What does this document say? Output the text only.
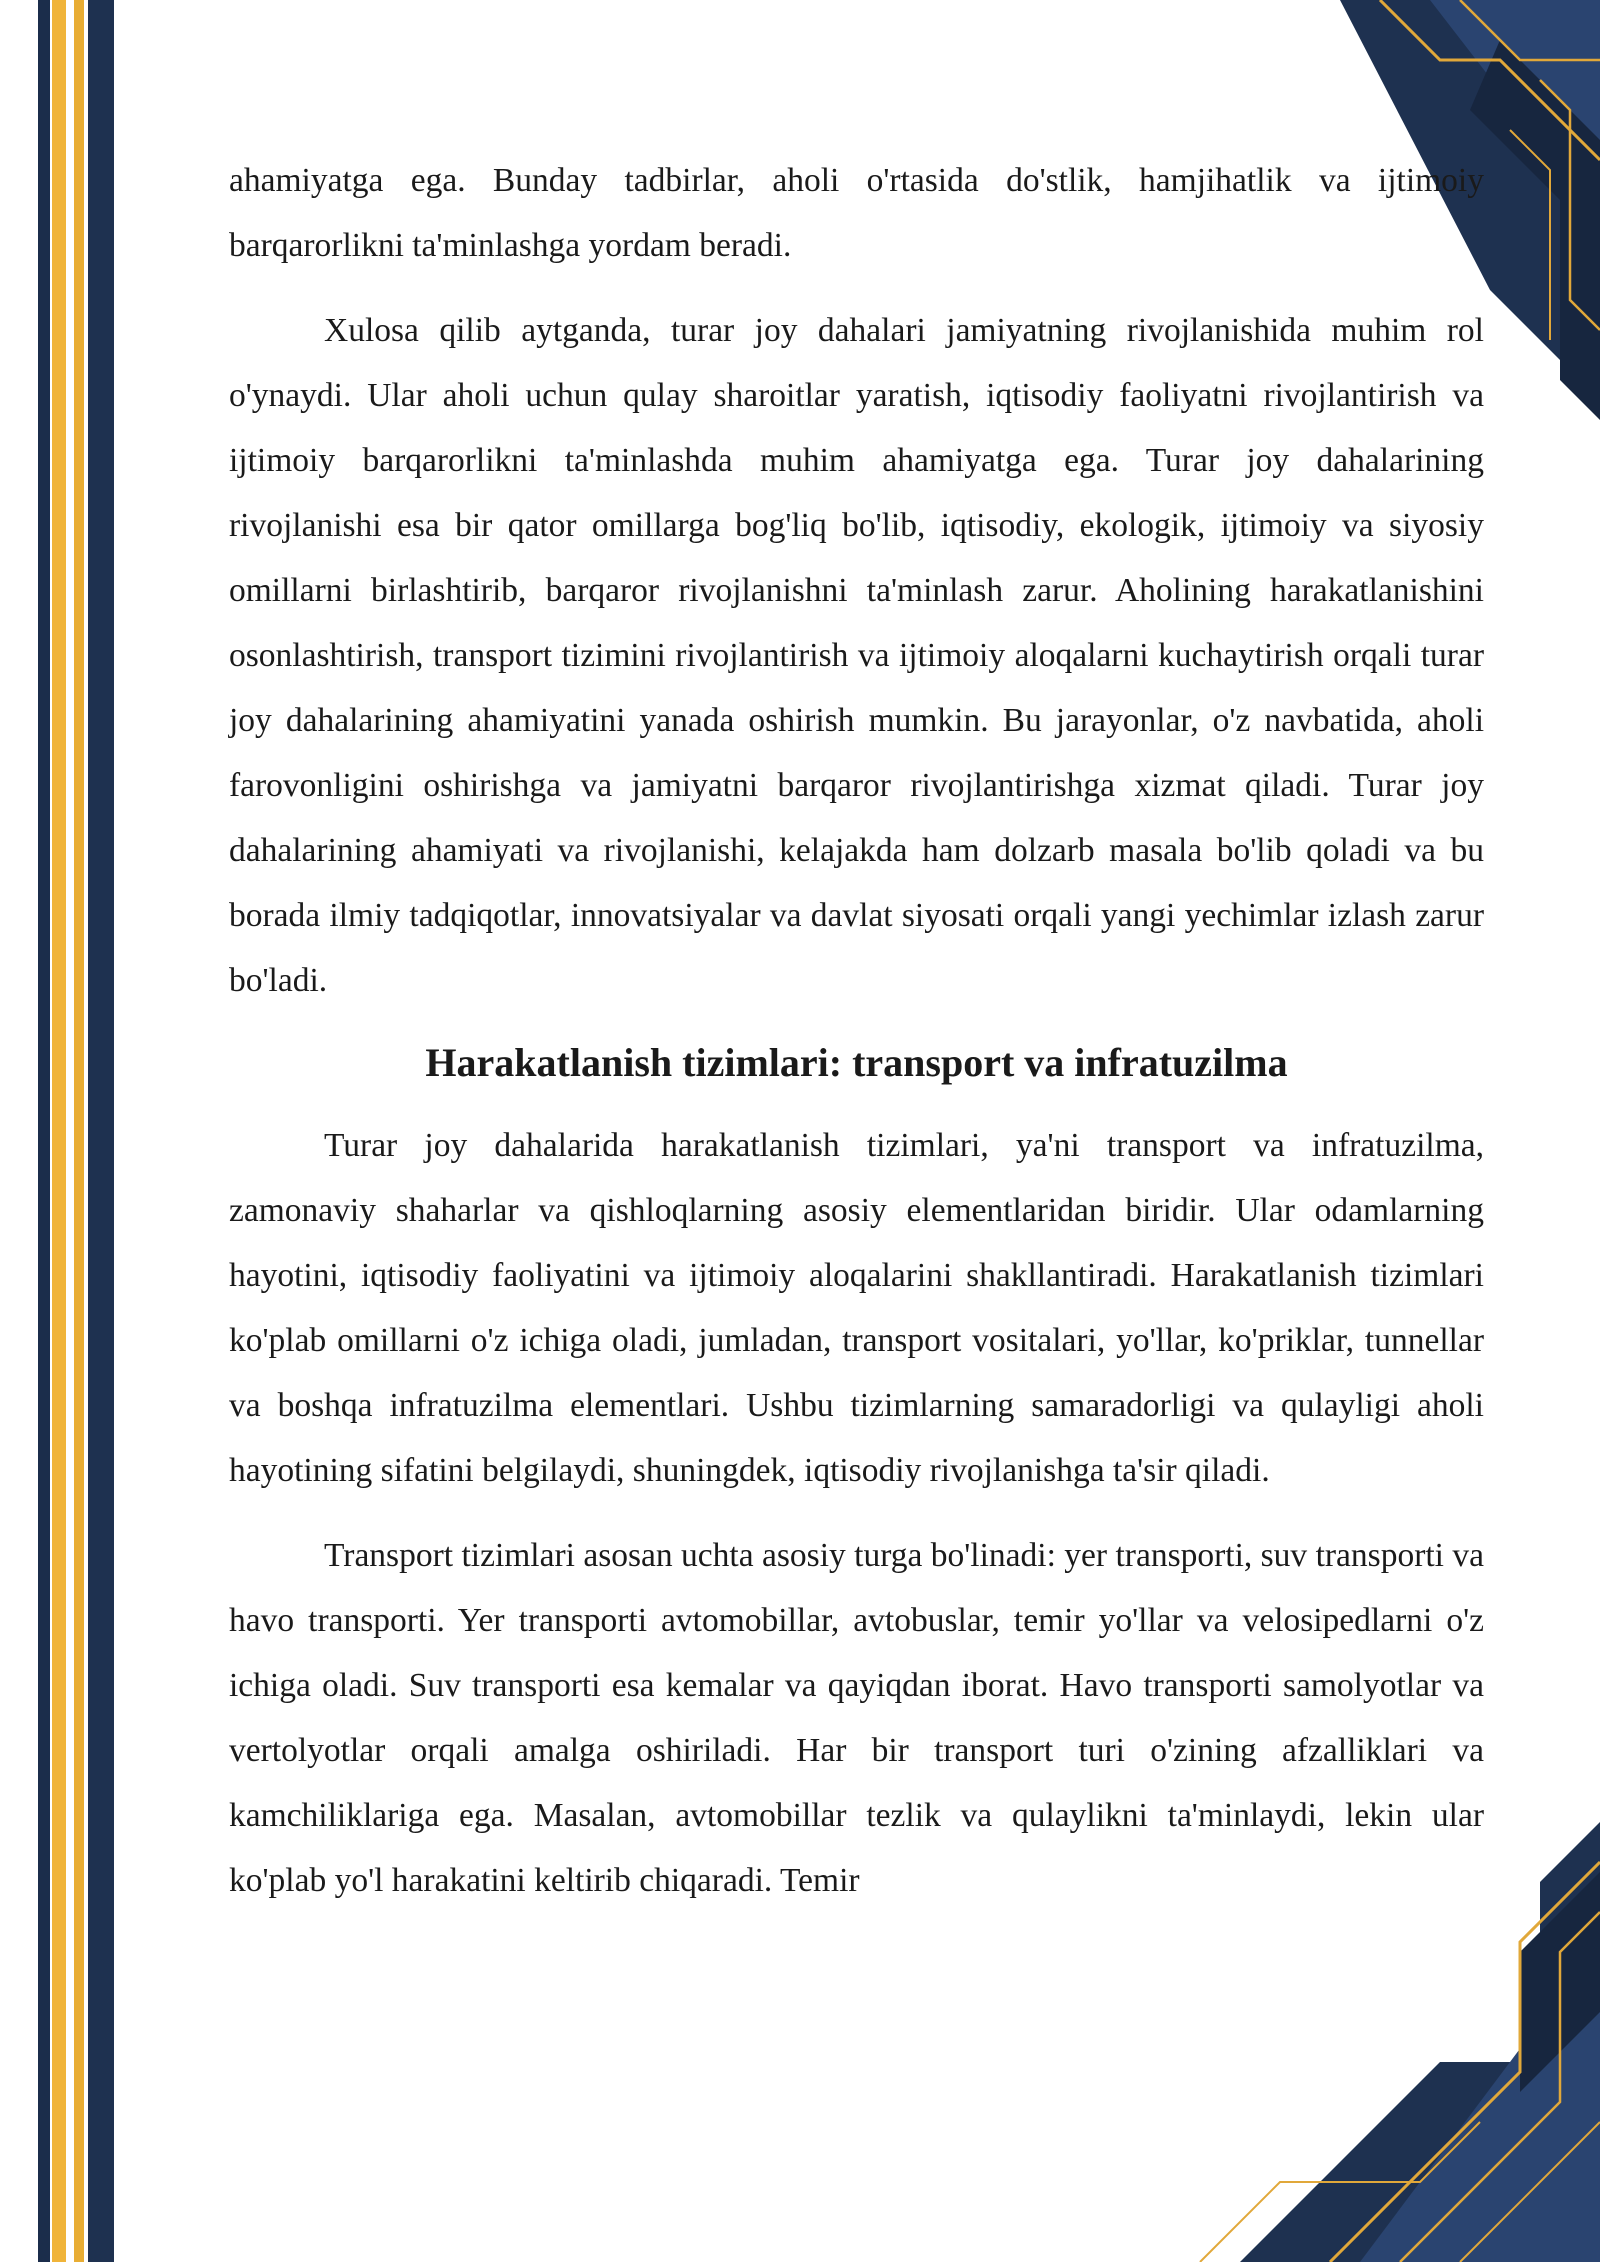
ahamiyatga ega. Bunday tadbirlar, aholi o'rtasida do'stlik, hamjihatlik va ijtimoiy barqarorlikni ta'minlashga yordam beradi.

Xulosa qilib aytganda, turar joy dahalari jamiyatning rivojlanishida muhim rol o'ynaydi. Ular aholi uchun qulay sharoitlar yaratish, iqtisodiy faoliyatni rivojlantirish va ijtimoiy barqarorlikni ta'minlashda muhim ahamiyatga ega. Turar joy dahalarining rivojlanishi esa bir qator omillarga bog'liq bo'lib, iqtisodiy, ekologik, ijtimoiy va siyosiy omillarni birlashtirib, barqaror rivojlanishni ta'minlash zarur. Aholining harakatlanishini osonlashtirish, transport tizimini rivojlantirish va ijtimoiy aloqalarni kuchaytirish orqali turar joy dahalarining ahamiyatini yanada oshirish mumkin. Bu jarayonlar, o'z navbatida, aholi farovonligini oshirishga va jamiyatni barqaror rivojlantirishga xizmat qiladi. Turar joy dahalarining ahamiyati va rivojlanishi, kelajakda ham dolzarb masala bo'lib qoladi va bu borada ilmiy tadqiqotlar, innovatsiyalar va davlat siyosati orqali yangi yechimlar izlash zarur bo'ladi.

Harakatlanish tizimlari: transport va infratuzilma

Turar joy dahalarida harakatlanish tizimlari, ya'ni transport va infratuzilma, zamonaviy shaharlar va qishloqlarning asosiy elementlaridan biridir. Ular odamlarning hayotini, iqtisodiy faoliyatini va ijtimoiy aloqalarini shakllantiradi. Harakatlanish tizimlari ko'plab omillarni o'z ichiga oladi, jumladan, transport vositalari, yo'llar, ko'priklar, tunnellar va boshqa infratuzilma elementlari. Ushbu tizimlarning samaradorligi va qulayligi aholi hayotining sifatini belgilaydi, shuningdek, iqtisodiy rivojlanishga ta'sir qiladi.

Transport tizimlari asosan uchta asosiy turga bo'linadi: yer transporti, suv transporti va havo transporti. Yer transporti avtomobillar, avtobuslar, temir yo'llar va velosipedlarni o'z ichiga oladi. Suv transporti esa kemalar va qayiqdan iborat. Havo transporti samolyotlar va vertolyotlar orqali amalga oshiriladi. Har bir transport turi o'zining afzalliklari va kamchiliklariga ega. Masalan, avtomobillar tezlik va qulaylikni ta'minlaydi, lekin ular ko'plab yo'l harakatini keltirib chiqaradi. Temir
